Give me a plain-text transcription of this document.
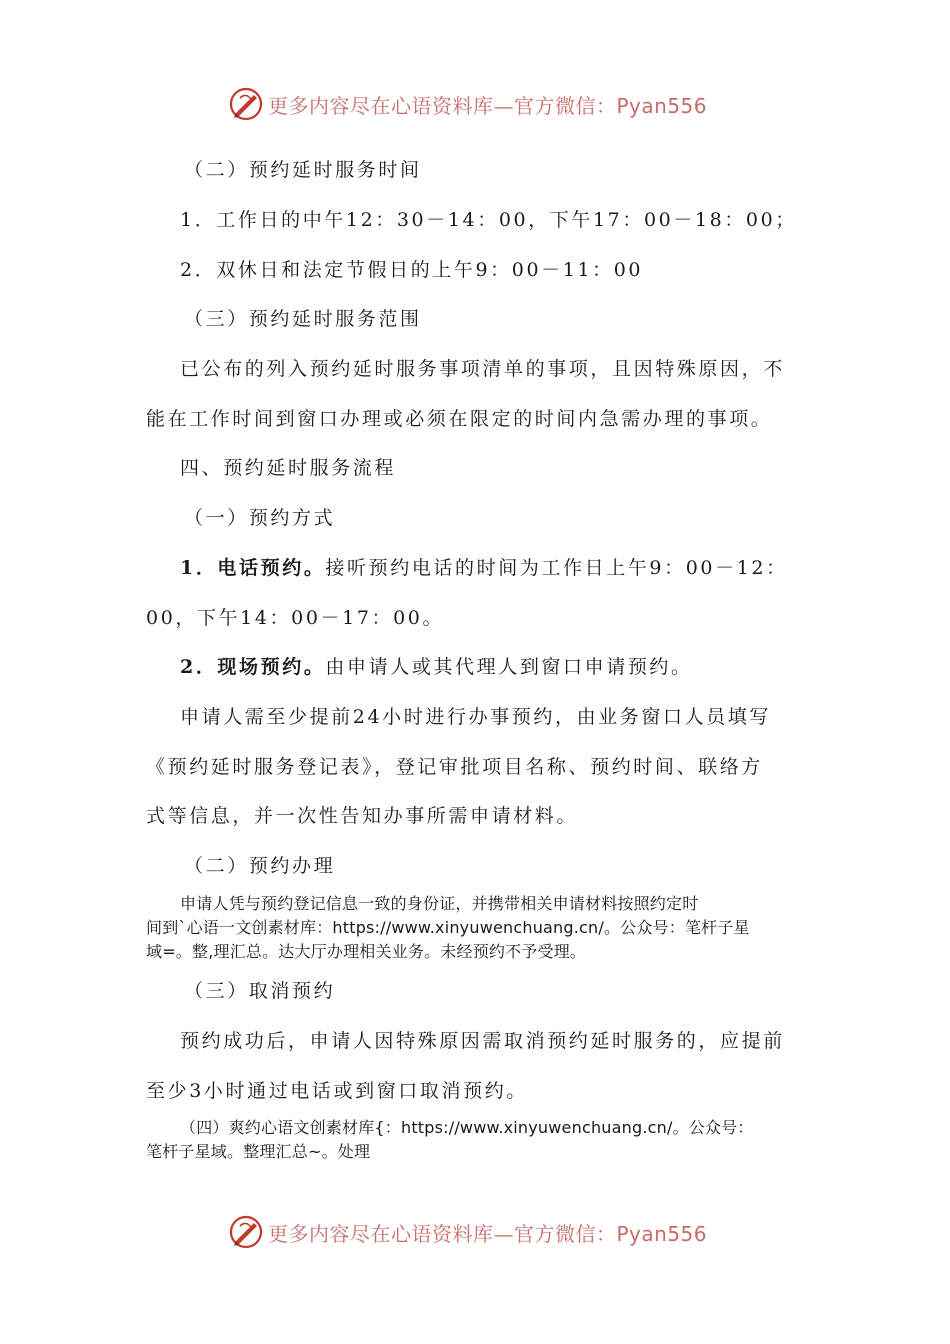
更多内容尽在心语资料库—官方微信：Pyan556
（二）预约延时服务时间
1．工作日的中午12：30－14：00，下午17：00－18：00；
2．双休日和法定节假日的上午9：00－11：00
（三）预约延时服务范围
已公布的列入预约延时服务事项清单的事项，且因特殊原因，不
能在工作时间到窗口办理或必须在限定的时间内急需办理的事项。
四、预约延时服务流程
（一）预约方式
1．电话预约。接听预约电话的时间为工作日上午9：00－12：
00，下午14：00－17：00。
2．现场预约。由申请人或其代理人到窗口申请预约。
申请人需至少提前24小时进行办事预约，由业务窗口人员填写
《预约延时服务登记表》，登记审批项目名称、预约时间、联络方
式等信息，并一次性告知办事所需申请材料。
（二）预约办理
申请人凭与预约登记信息一致的身份证，并携带相关申请材料按照约定时
间到`心语一文创素材库：https://www.xinyuwenchuang.cn/。公众号：笔杆子星
域=。整,理汇总。达大厅办理相关业务。未经预约不予受理。
（三）取消预约
预约成功后，申请人因特殊原因需取消预约延时服务的，应提前
至少3小时通过电话或到窗口取消预约。
（四）爽约心语文创素材库{：https://www.xinyuwenchuang.cn/。公众号：
笔杆子星域。整理汇总~。处理
更多内容尽在心语资料库—官方微信：Pyan556
